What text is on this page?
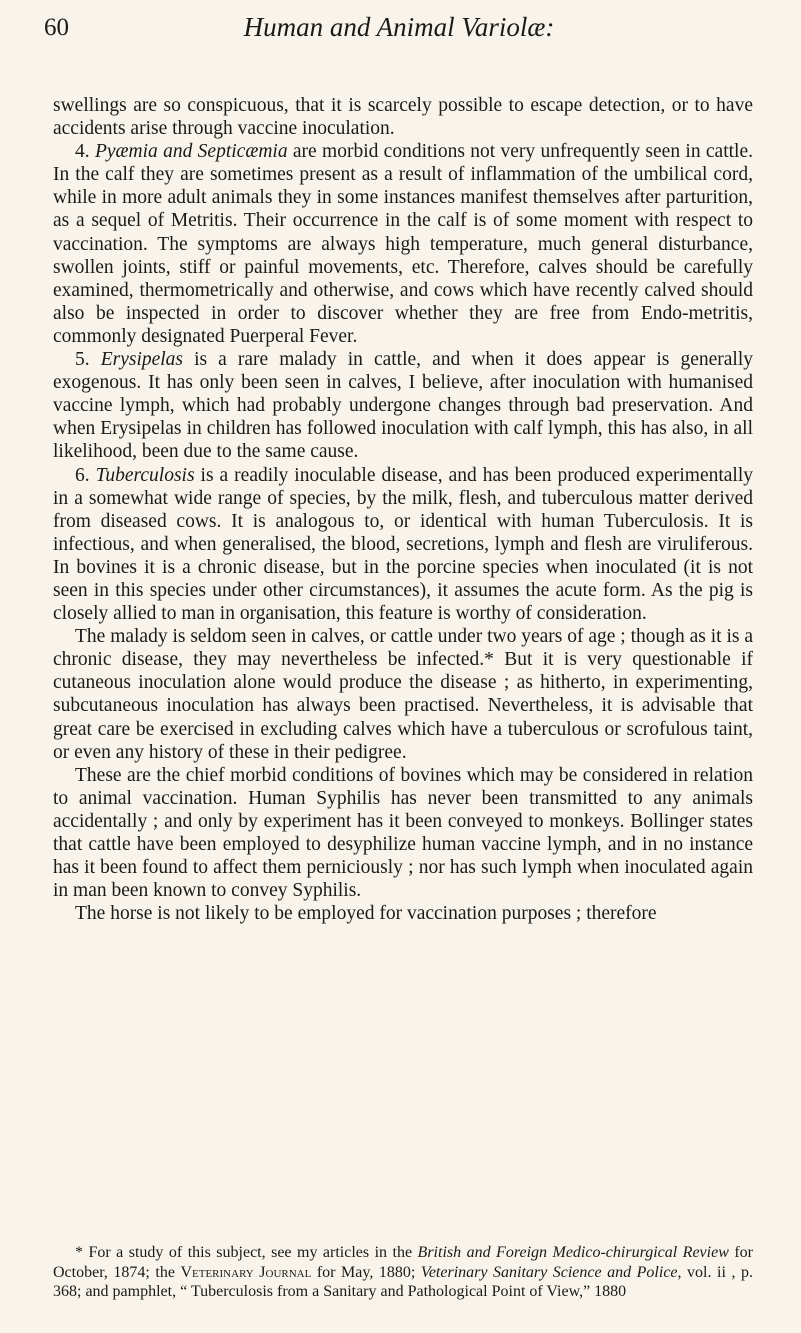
60	Human and Animal Variolæ:

swellings are so conspicuous, that it is scarcely possible to escape detection, or to have accidents arise through vaccine inoculation.

4. Pyæmia and Septicæmia are morbid conditions not very unfrequently seen in cattle. In the calf they are sometimes present as a result of inflammation of the umbilical cord, while in more adult animals they in some instances manifest themselves after parturition, as a sequel of Metritis. Their occurrence in the calf is of some moment with respect to vaccination. The symptoms are always high temperature, much general disturbance, swollen joints, stiff or painful movements, etc. Therefore, calves should be carefully examined, thermometrically and otherwise, and cows which have recently calved should also be inspected in order to discover whether they are free from Endo-metritis, commonly designated Puerperal Fever.

5. Erysipelas is a rare malady in cattle, and when it does appear is generally exogenous. It has only been seen in calves, I believe, after inoculation with humanised vaccine lymph, which had probably undergone changes through bad preservation. And when Erysipelas in children has followed inoculation with calf lymph, this has also, in all likelihood, been due to the same cause.

6. Tuberculosis is a readily inoculable disease, and has been produced experimentally in a somewhat wide range of species, by the milk, flesh, and tuberculous matter derived from diseased cows. It is analogous to, or identical with human Tuberculosis. It is infectious, and when generalised, the blood, secretions, lymph and flesh are viruliferous. In bovines it is a chronic disease, but in the porcine species when inoculated (it is not seen in this species under other circumstances), it assumes the acute form. As the pig is closely allied to man in organisation, this feature is worthy of consideration.

The malady is seldom seen in calves, or cattle under two years of age ; though as it is a chronic disease, they may nevertheless be infected.* But it is very questionable if cutaneous inoculation alone would produce the disease ; as hitherto, in experimenting, subcutaneous inoculation has always been practised. Nevertheless, it is advisable that great care be exercised in excluding calves which have a tuberculous or scrofulous taint, or even any history of these in their pedigree.

These are the chief morbid conditions of bovines which may be considered in relation to animal vaccination. Human Syphilis has never been transmitted to any animals accidentally ; and only by experiment has it been conveyed to monkeys. Bollinger states that cattle have been employed to desyphilize human vaccine lymph, and in no instance has it been found to affect them perniciously ; nor has such lymph when inoculated again in man been known to convey Syphilis.

The horse is not likely to be employed for vaccination purposes ; therefore

* For a study of this subject, see my articles in the British and Foreign Medico-chirurgical Review for October, 1874; the Veterinary Journal for May, 1880; Veterinary Sanitary Science and Police, vol. ii , p. 368; and pamphlet, “ Tuberculosis from a Sanitary and Pathological Point of View,” 1880
